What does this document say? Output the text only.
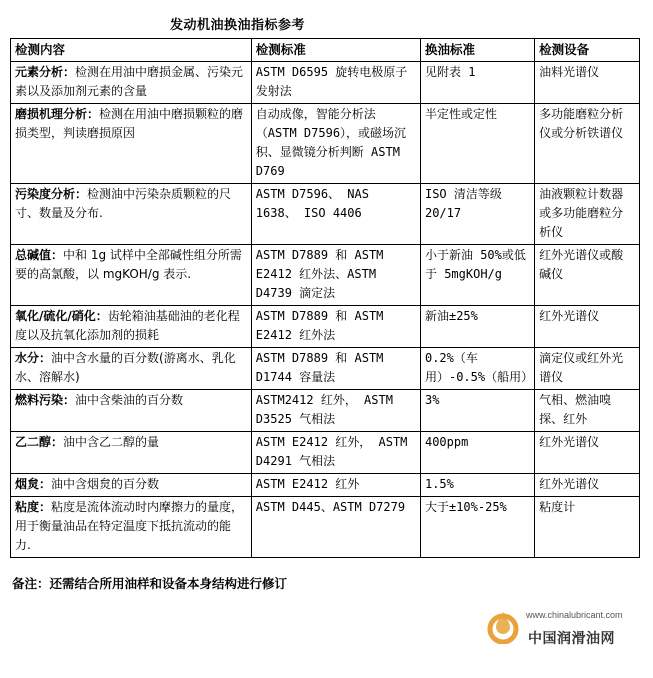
发动机油换油指标参考
检测内容	检测标准	换油标准	检测设备
元素分析：检测在用油中磨损金属、污染元素以及添加剂元素的含量	ASTM D6595 旋转电极原子发射法	见附表 1	油料光谱仪
磨损机理分析：检测在用油中磨损颗粒的磨损类型，判读磨损原因	自动成像，智能分析法（ASTM D7596），或磁场沉积、显微镜分析判断 ASTM D769	半定性或定性	多功能磨粒分析仪或分析铁谱仪
污染度分析：检测油中污染杂质颗粒的尺寸、数量及分布.	ASTM D7596、 NAS 1638、 ISO 4406	ISO 清洁等级 20/17	油液颗粒计数器或多功能磨粒分析仪
总碱值：中和 1g 试样中全部碱性组分所需要的高氯酸，以 mgKOH/g 表示.	ASTM D7889 和 ASTM E2412 红外法、ASTM D4739 滴定法	小于新油 50%或低于 5mgKOH/g	红外光谱仪或酸碱仪
氧化/硫化/硝化：齿轮箱油基础油的老化程度以及抗氧化添加剂的损耗	ASTM D7889 和 ASTM E2412 红外法	新油±25%	红外光谱仪
水分：油中含水量的百分数(游离水、乳化水、溶解水)	ASTM D7889 和 ASTM D1744 容量法	0.2%（车用）-0.5%（船用）	滴定仪或红外光谱仪
燃料污染：油中含柴油的百分数	ASTM2412 红外， ASTM D3525 气相法	3%	气相、燃油嗅探、红外
乙二醇：油中含乙二醇的量	ASTM E2412 红外， ASTM D4291 气相法	400ppm	红外光谱仪
烟炱：油中含烟炱的百分数	ASTM E2412 红外	1.5%	红外光谱仪
粘度：粘度是流体流动时内摩擦力的量度，用于衡量油品在特定温度下抵抗流动的能力.	ASTM D445、ASTM D7279	大于±10%-25%	粘度计
备注：还需结合所用油样和设备本身结构进行修订
www.chinalubricant.com
中国润滑油网
